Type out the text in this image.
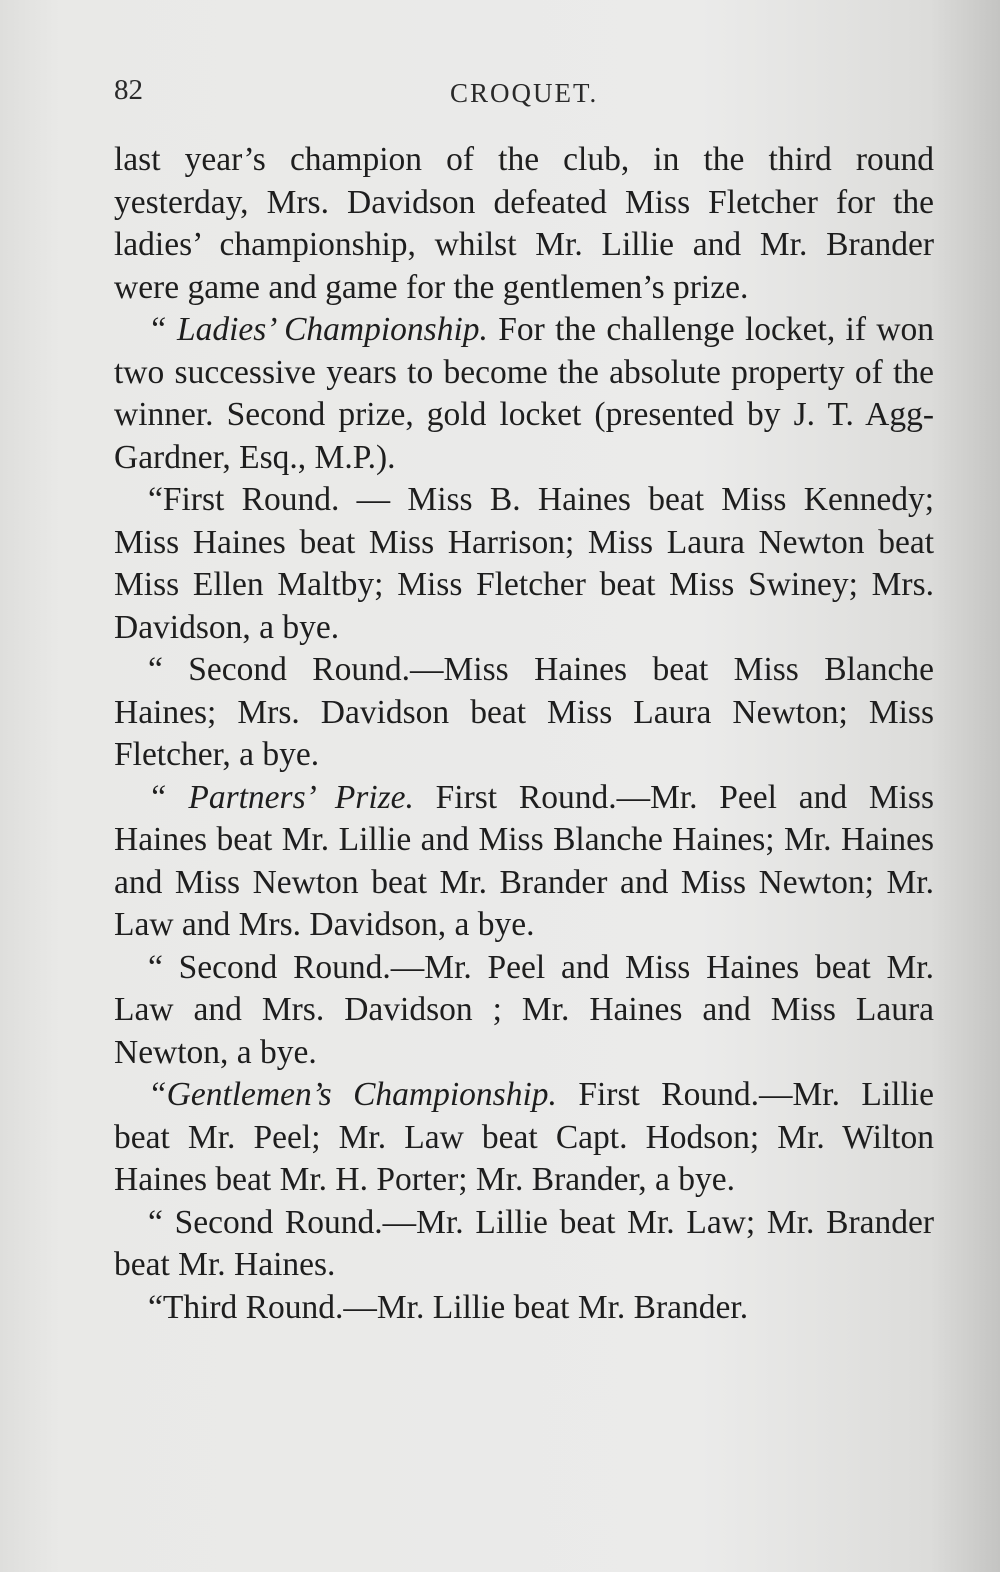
82	CROQUET.

last year’s champion of the club, in the third round yesterday, Mrs. Davidson defeated Miss Fletcher for the ladies’ championship, whilst Mr. Lillie and Mr. Brander were game and game for the gentlemen’s prize.

“ Ladies’ Championship. For the challenge locket, if won two successive years to become the absolute property of the winner. Second prize, gold locket (presented by J. T. Agg-Gardner, Esq., M.P.).

“First Round. — Miss B. Haines beat Miss Kennedy; Miss Haines beat Miss Harrison; Miss Laura Newton beat Miss Ellen Maltby; Miss Fletcher beat Miss Swiney; Mrs. Davidson, a bye.

“ Second Round.—Miss Haines beat Miss Blanche Haines; Mrs. Davidson beat Miss Laura Newton; Miss Fletcher, a bye.

“ Partners’ Prize. First Round.—Mr. Peel and Miss Haines beat Mr. Lillie and Miss Blanche Haines; Mr. Haines and Miss Newton beat Mr. Brander and Miss Newton; Mr. Law and Mrs. Davidson, a bye.

“ Second Round.—Mr. Peel and Miss Haines beat Mr. Law and Mrs. Davidson ; Mr. Haines and Miss Laura Newton, a bye.

“Gentlemen’s Championship. First Round.—Mr. Lillie beat Mr. Peel; Mr. Law beat Capt. Hodson; Mr. Wilton Haines beat Mr. H. Porter; Mr. Brander, a bye.

“ Second Round.—Mr. Lillie beat Mr. Law; Mr. Brander beat Mr. Haines.

“Third Round.—Mr. Lillie beat Mr. Brander.
